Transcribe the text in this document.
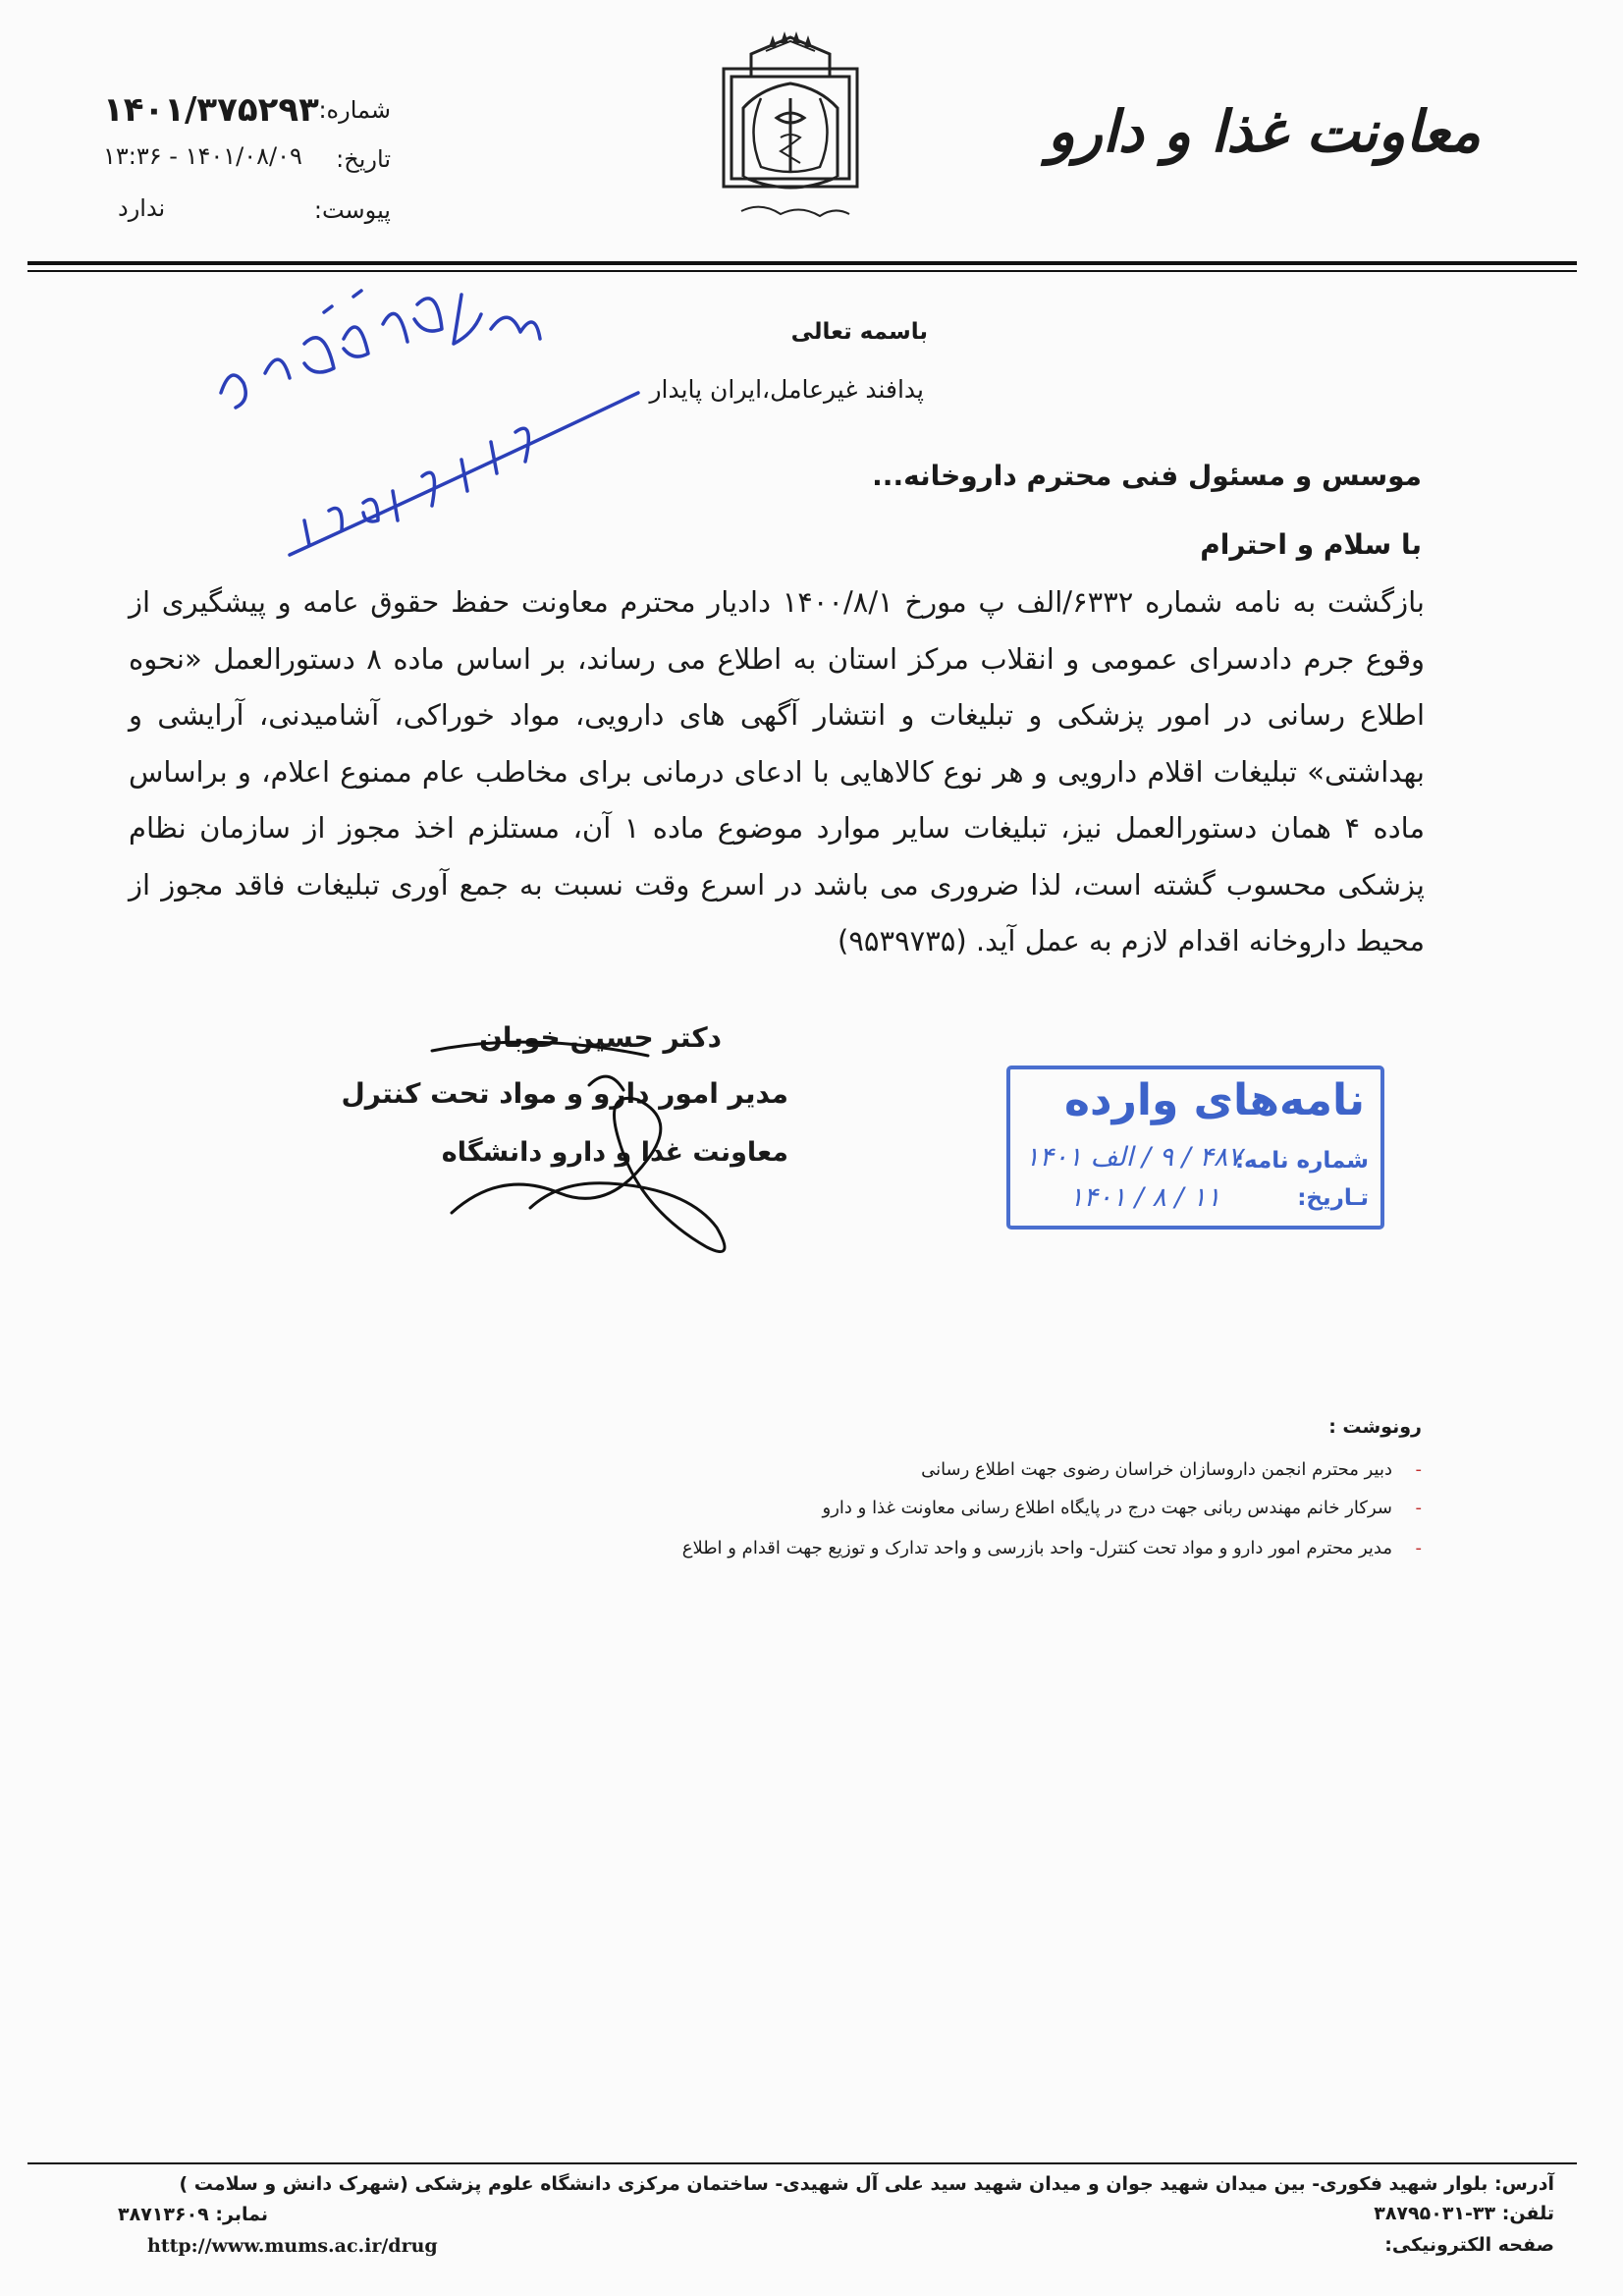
معاونت غذا و دارو
شماره:
تاریخ:
پیوست:
۱۴۰۱/۳۷۵۲۹۳
۱۴۰۱/۰۸/۰۹ - ۱۳:۳۶
ندارد
باسمه تعالی
پدافند غیرعامل،ایران پایدار
موسس و مسئول فنی محترم داروخانه...
با سلام و احترام
بازگشت به نامه شماره ۶۳۳۲/الف پ مورخ ۱۴۰۰/۸/۱ دادیار محترم معاونت حفظ حقوق عامه و پیشگیری از وقوع جرم دادسرای عمومی و انقلاب مرکز استان به اطلاع می رساند، بر اساس ماده ۸ دستورالعمل «نحوه اطلاع رسانی در امور پزشکی و تبلیغات و انتشار آگهی های دارویی، مواد خوراکی، آشامیدنی، آرایشی و بهداشتی» تبلیغات اقلام دارویی و هر نوع کالاهایی با ادعای درمانی برای مخاطب عام ممنوع اعلام، و براساس ماده ۴ همان دستورالعمل نیز، تبلیغات سایر موارد موضوع ماده ۱ آن، مستلزم اخذ مجوز از سازمان نظام پزشکی محسوب گشته است، لذا ضروری می باشد در اسرع وقت نسبت به جمع آوری تبلیغات فاقد مجوز از محیط داروخانه اقدام لازم به عمل آید. (۹۵۳۹۷۳۵)
دکتر حسین خوبان
مدیر امور دارو و مواد تحت کنترل
معاونت غذا و دارو دانشگاه
نامه‌های وارده
شماره نامه:
تـاریخ:
۴۸۷ / ۹ / الف ۱۴۰۱
۱۱ / ۸ / ۱۴۰۱
رونوشت :
-
دبیر محترم انجمن داروسازان خراسان رضوی جهت اطلاع رسانی
-
سرکار خانم مهندس ربانی جهت درج در پایگاه اطلاع رسانی معاونت غذا و دارو
-
مدیر محترم امور دارو و مواد تحت کنترل- واحد بازرسی و واحد تدارک و توزیع جهت اقدام و اطلاع
آدرس: بلوار شهید فکوری- بین میدان شهید جوان و میدان شهید سید علی آل شهیدی- ساختمان مرکزی دانشگاه علوم پزشکی (شهرک دانش و سلامت )
تلفن: ۳۳-۳۸۷۹۵۰۳۱
صفحه الکترونیکی:
نمابر: ۳۸۷۱۳۶۰۹
http://www.mums.ac.ir/drug
